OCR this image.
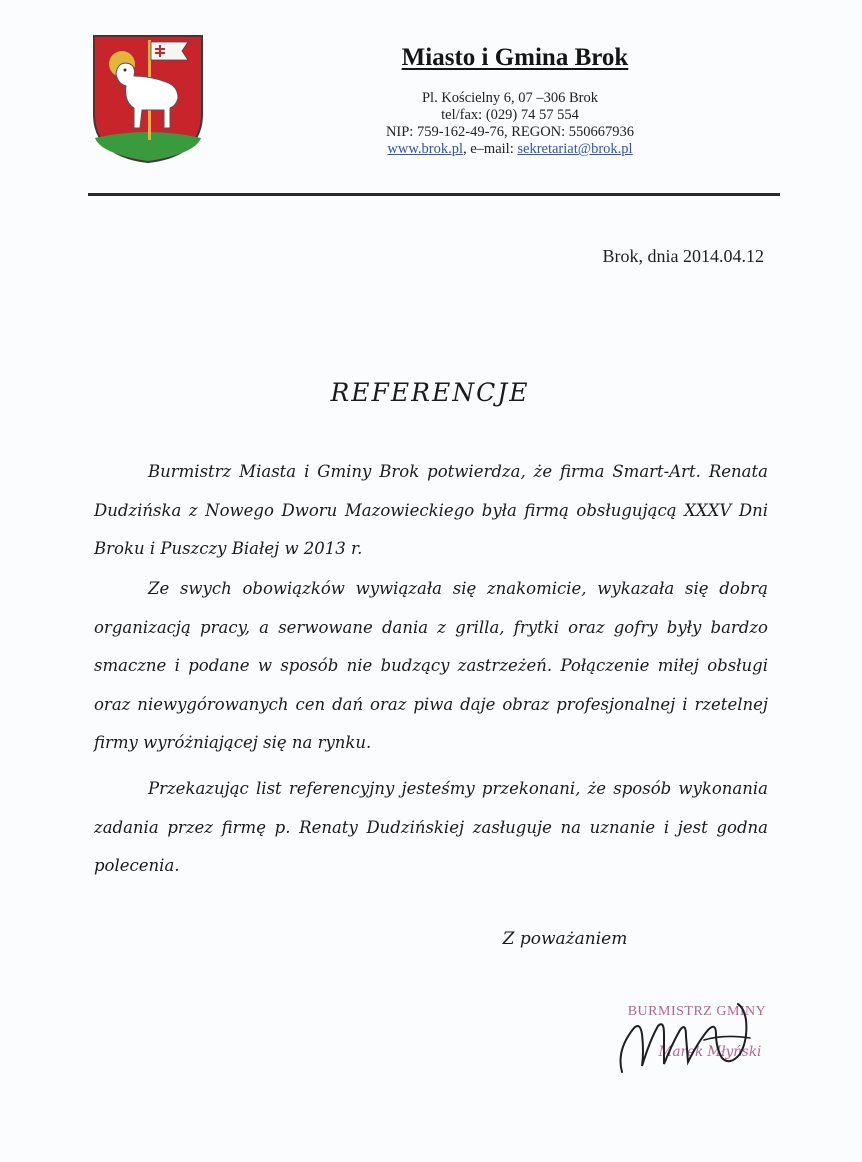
Miasto i Gmina Brok
Pl. Kościelny 6, 07 –306 Brok
tel/fax: (029) 74 57 554
NIP: 759-162-49-76, REGON: 550667936
www.brok.pl, e–mail: sekretariat@brok.pl
Brok, dnia 2014.04.12
REFERENCJE

Burmistrz Miasta i Gminy Brok potwierdza, że firma Smart-Art. Renata Dudzińska z Nowego Dworu Mazowieckiego była firmą obsługującą XXXV Dni Broku i Puszczy Białej w 2013 r.

Ze swych obowiązków wywiązała się znakomicie, wykazała się dobrą organizacją pracy, a serwowane dania z grilla, frytki oraz gofry były bardzo smaczne i podane w sposób nie budzący zastrzeżeń. Połączenie miłej obsługi oraz niewygórowanych cen dań oraz piwa daje obraz profesjonalnej i rzetelnej firmy wyróżniającej się na rynku.

Przekazując list referencyjny jesteśmy przekonani, że sposób wykonania zadania przez firmę p. Renaty Dudzińskiej zasługuje na uznanie i jest godna polecenia.

Z poważaniem
BURMISTRZ GMINY
Marek Młyński
